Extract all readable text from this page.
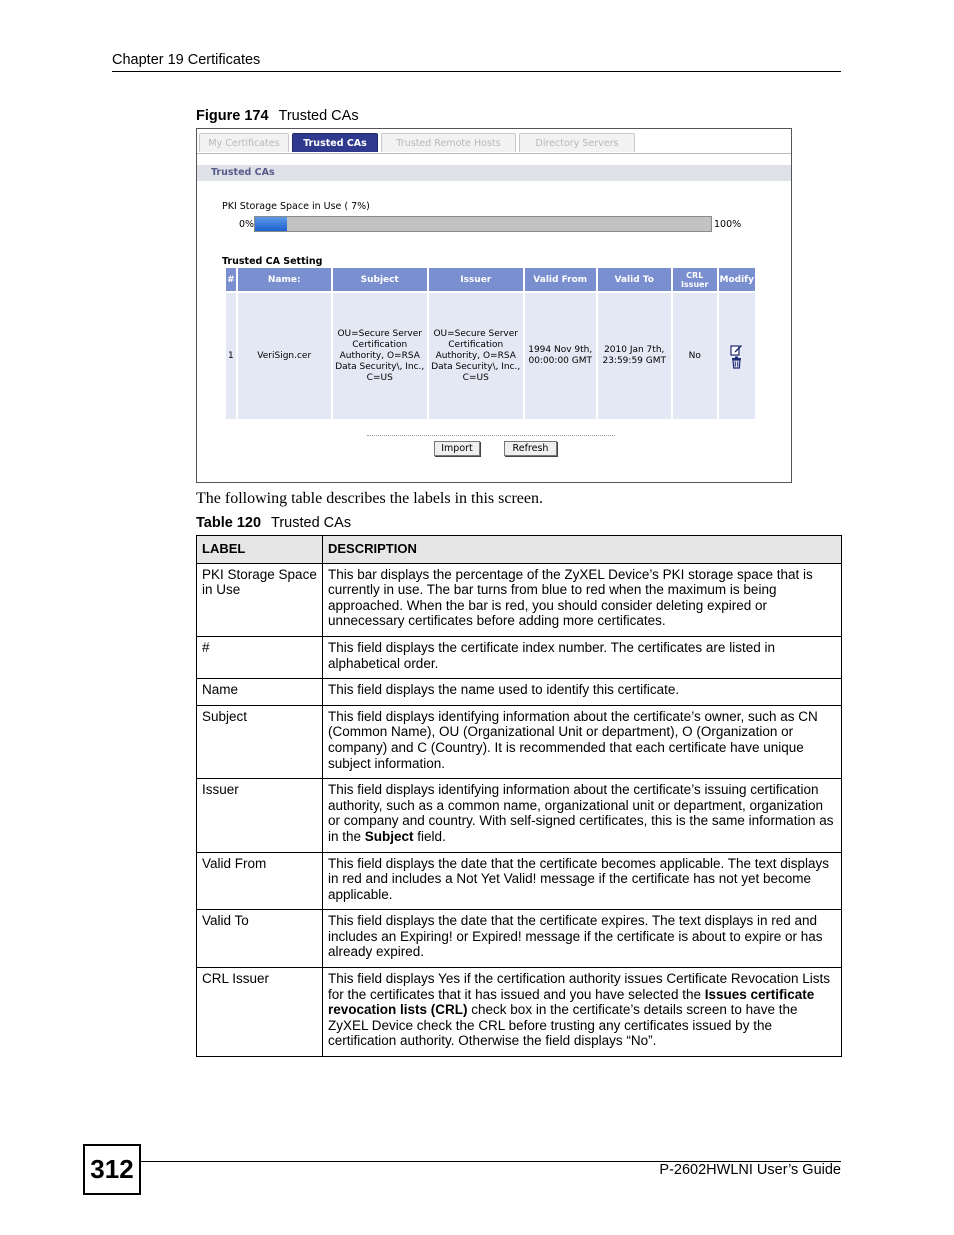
Chapter 19 Certificates
Figure 174 Trusted CAs
My Certificates	Trusted CAs	Trusted Remote Hosts	Directory Servers
Trusted CAs
PKI Storage Space in Use ( 7%)
0%	100%
Trusted CA Setting
#	Name:	Subject	Issuer	Valid From	Valid To	CRL Issuer	Modify
1	VeriSign.cer	OU=Secure Server Certification Authority, O=RSA Data Security\, Inc., C=US	OU=Secure Server Certification Authority, O=RSA Data Security\, Inc., C=US	1994 Nov 9th, 00:00:00 GMT	2010 Jan 7th, 23:59:59 GMT	No	
Import	Refresh
The following table describes the labels in this screen.
Table 120 Trusted CAs
LABEL	DESCRIPTION
PKI Storage Space in Use	This bar displays the percentage of the ZyXEL Device’s PKI storage space that is currently in use. The bar turns from blue to red when the maximum is being approached. When the bar is red, you should consider deleting expired or unnecessary certificates before adding more certificates.
#	This field displays the certificate index number. The certificates are listed in alphabetical order.
Name	This field displays the name used to identify this certificate.
Subject	This field displays identifying information about the certificate’s owner, such as CN (Common Name), OU (Organizational Unit or department), O (Organization or company) and C (Country). It is recommended that each certificate have unique subject information.
Issuer	This field displays identifying information about the certificate’s issuing certification authority, such as a common name, organizational unit or department, organization or company and country. With self-signed certificates, this is the same information as in the Subject field.
Valid From	This field displays the date that the certificate becomes applicable. The text displays in red and includes a Not Yet Valid! message if the certificate has not yet become applicable.
Valid To	This field displays the date that the certificate expires. The text displays in red and includes an Expiring! or Expired! message if the certificate is about to expire or has already expired.
CRL Issuer	This field displays Yes if the certification authority issues Certificate Revocation Lists for the certificates that it has issued and you have selected the Issues certificate revocation lists (CRL) check box in the certificate’s details screen to have the ZyXEL Device check the CRL before trusting any certificates issued by the certification authority. Otherwise the field displays “No”.
312	P-2602HWLNI User’s Guide
